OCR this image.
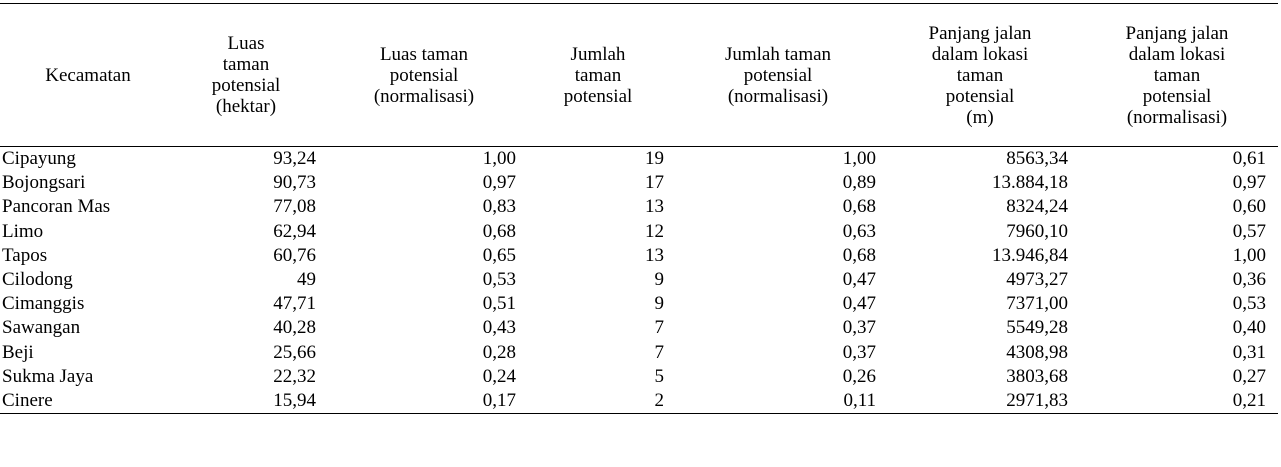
Kecamatan	Luas
taman
potensial
(hektar)	Luas taman
potensial
(normalisasi)	Jumlah
taman
potensial	Jumlah taman
potensial
(normalisasi)	Panjang jalan
dalam lokasi
taman
potensial
(m)	Panjang jalan
dalam lokasi
taman
potensial
(normalisasi)
Cipayung	93,24	1,00	19	1,00	8563,34	0,61
Bojongsari	90,73	0,97	17	0,89	13.884,18	0,97
Pancoran Mas	77,08	0,83	13	0,68	8324,24	0,60
Limo	62,94	0,68	12	0,63	7960,10	0,57
Tapos	60,76	0,65	13	0,68	13.946,84	1,00
Cilodong	49	0,53	9	0,47	4973,27	0,36
Cimanggis	47,71	0,51	9	0,47	7371,00	0,53
Sawangan	40,28	0,43	7	0,37	5549,28	0,40
Beji	25,66	0,28	7	0,37	4308,98	0,31
Sukma Jaya	22,32	0,24	5	0,26	3803,68	0,27
Cinere	15,94	0,17	2	0,11	2971,83	0,21
